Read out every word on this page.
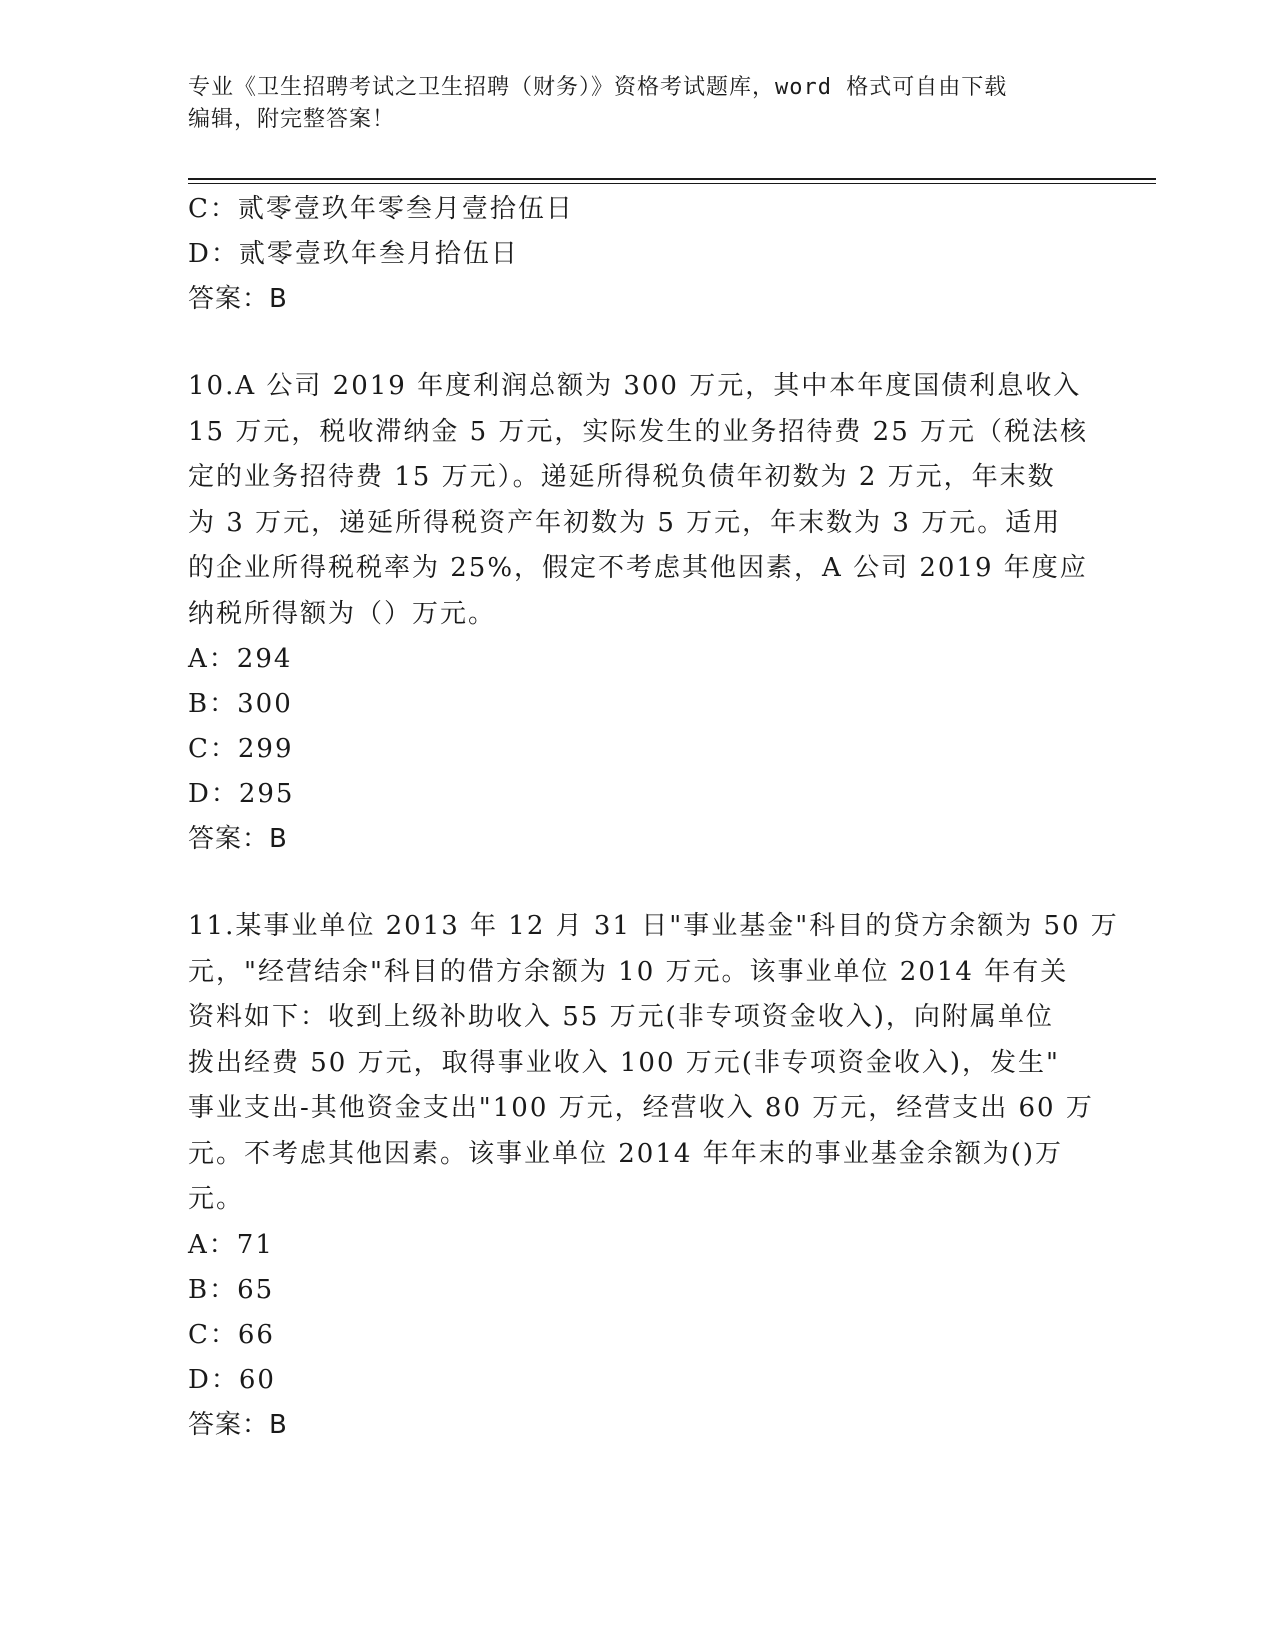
专业《卫生招聘考试之卫生招聘（财务）》资格考试题库，word 格式可自由下载
编辑，附完整答案！
C：贰零壹玖年零叁月壹拾伍日
D：贰零壹玖年叁月拾伍日
答案：B
10.A 公司 2019 年度利润总额为 300 万元，其中本年度国债利息收入
15 万元，税收滞纳金 5 万元，实际发生的业务招待费 25 万元（税法核
定的业务招待费 15 万元）。递延所得税负债年初数为 2 万元，年末数
为 3 万元，递延所得税资产年初数为 5 万元，年末数为 3 万元。适用
的企业所得税税率为 25%，假定不考虑其他因素，A 公司 2019 年度应
纳税所得额为（）万元。
A：294
B：300
C：299
D：295
答案：B
11.某事业单位 2013 年 12 月 31 日"事业基金"科目的贷方余额为 50 万
元，"经营结余"科目的借方余额为 10 万元。该事业单位 2014 年有关
资料如下：收到上级补助收入 55 万元(非专项资金收入)，向附属单位
拨出经费 50 万元，取得事业收入 100 万元(非专项资金收入)，发生"
事业支出-其他资金支出"100 万元，经营收入 80 万元，经营支出 60 万
元。不考虑其他因素。该事业单位 2014 年年末的事业基金余额为()万
元。
A：71
B：65
C：66
D：60
答案：B
